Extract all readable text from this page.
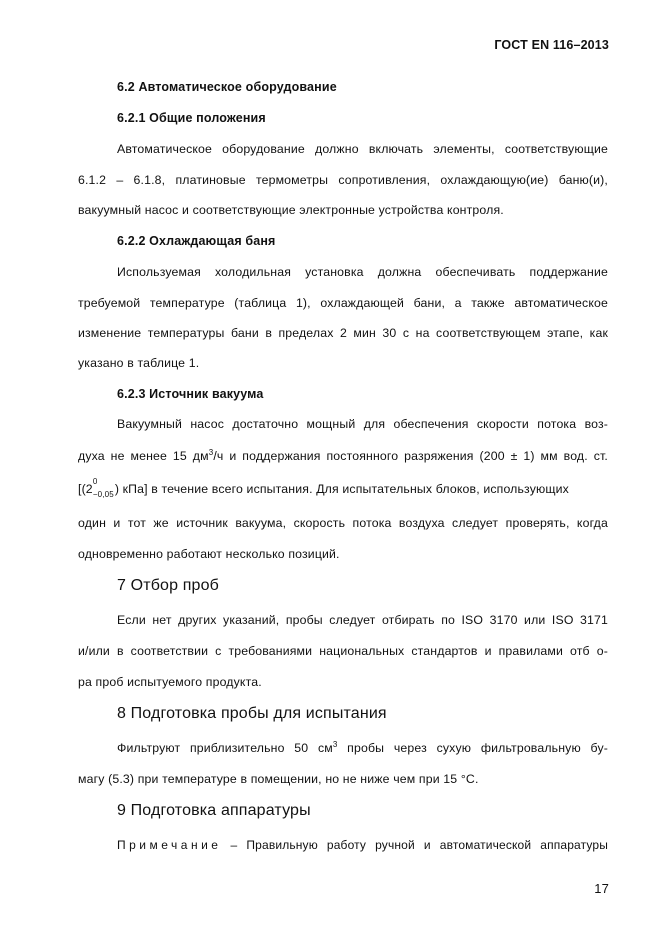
ГОСТ EN 116–2013
6.2 Автоматическое оборудование
6.2.1 Общие положения
Автоматическое оборудование должно включать элементы, соответствующие
6.1.2 – 6.1.8, платиновые термометры сопротивления, охлаждающую(ие) баню(и),
вакуумный насос и соответствующие электронные устройства контроля.
6.2.2 Охлаждающая баня
Используемая холодильная установка должна обеспечивать поддержание
требуемой температуре (таблица 1), охлаждающей бани, а также автоматическое
изменение температуры бани в пределах 2 мин 30 с на соответствующем этапе, как
указано в таблице 1.
6.2.3 Источник вакуума
Вакуумный насос достаточно мощный для обеспечения скорости потока воз-
духа не менее 15 $дм^3/ч$ и поддержания постоянного разряжения (200 ± 1) мм вод. ст.
[(2
0
−0,05 ) кПа] в течение всего испытания. Для испытательных блоков, использующих
один и тот же источник вакуума, скорость потока воздуха следует проверять, когда
одновременно работают несколько позиций.
7 Отбор проб
Если нет других указаний, пробы следует отбирать по ISO 3170 или ISO 3171
и/или в соответствии с требованиями национальных стандартов и правилами отб о-
ра проб испытуемого продукта.
8 Подготовка пробы для испытания
Фильтруют приблизительно 50 $см^3$ пробы через сухую фильтровальную бу-
магу (5.3) при температуре в помещении, но не ниже чем при 15 °C.
9 Подготовка аппаратуры
Примечание – Правильную работу ручной и автоматической аппаратуры
17
